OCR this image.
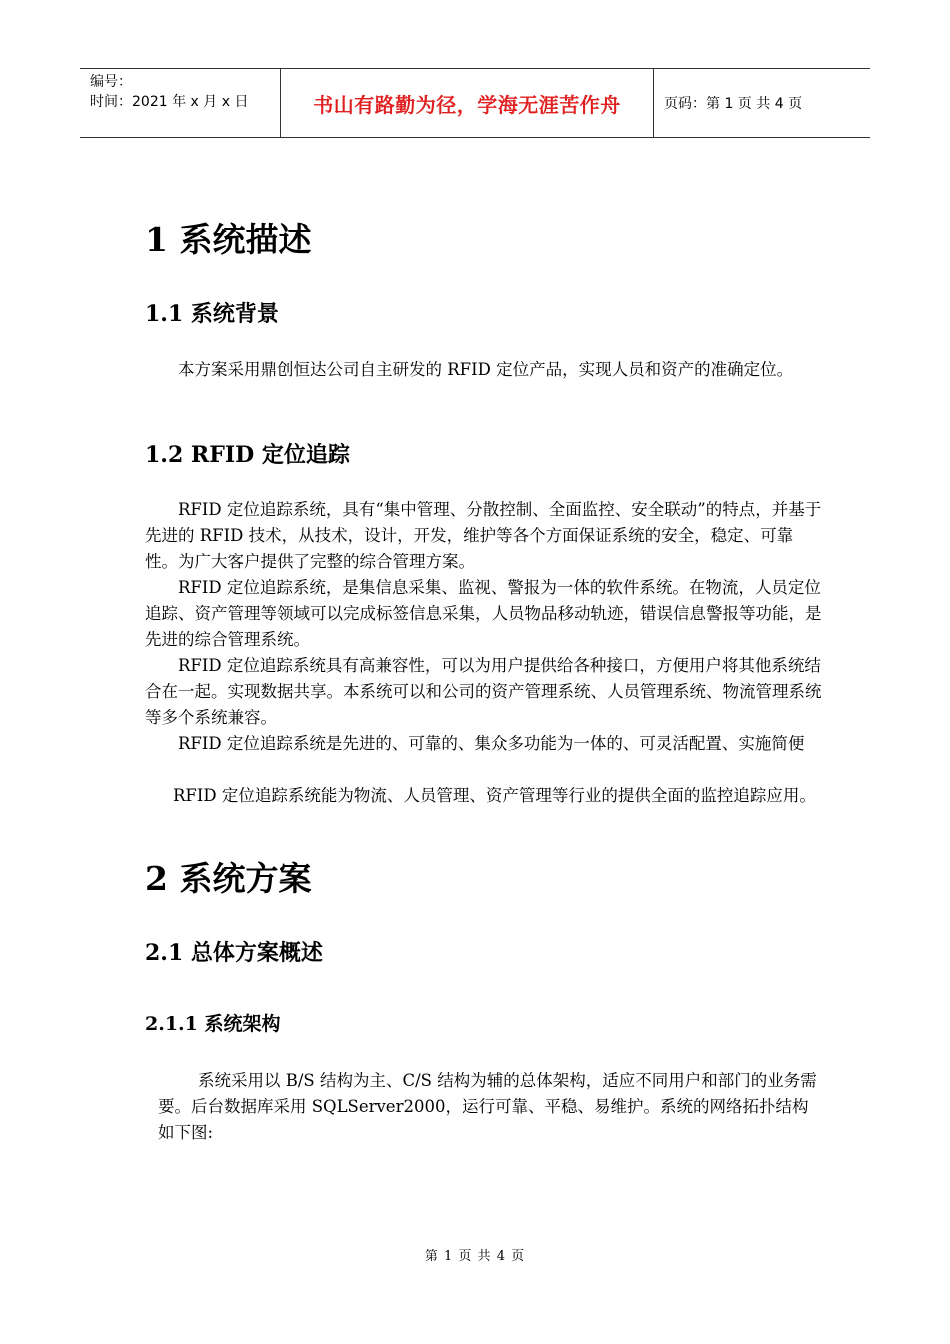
编号：
时间：2021 年 x 月 x 日	书山有路勤为径，学海无涯苦作舟	页码：第 1 页 共 4 页
1 系统描述
1.1 系统背景

本方案采用鼎创恒达公司自主研发的 RFID 定位产品，实现人员和资产的准确定位。

1.2 RFID 定位追踪

RFID 定位追踪系统，具有“集中管理、分散控制、全面监控、安全联动”的特点，并基于先进的 RFID 技术，从技术，设计，开发，维护等各个方面保证系统的安全，稳定、可靠性。为广大客户提供了完整的综合管理方案。

RFID 定位追踪系统，是集信息采集、监视、警报为一体的软件系统。在物流，人员定位追踪、资产管理等领域可以完成标签信息采集，人员物品移动轨迹，错误信息警报等功能，是先进的综合管理系统。

RFID 定位追踪系统具有高兼容性，可以为用户提供给各种接口，方便用户将其他系统结合在一起。实现数据共享。本系统可以和公司的资产管理系统、人员管理系统、物流管理系统等多个系统兼容。

RFID 定位追踪系统是先进的、可靠的、集众多功能为一体的、可灵活配置、实施简便

RFID 定位追踪系统能为物流、人员管理、资产管理等行业的提供全面的监控追踪应用。

2 系统方案
2.1 总体方案概述
2.1.1 系统架构

系统采用以 B/S 结构为主、C/S 结构为辅的总体架构，适应不同用户和部门的业务需要。后台数据库采用 SQLServer2000，运行可靠、平稳、易维护。系统的网络拓扑结构如下图:

第 1 页 共 4 页
